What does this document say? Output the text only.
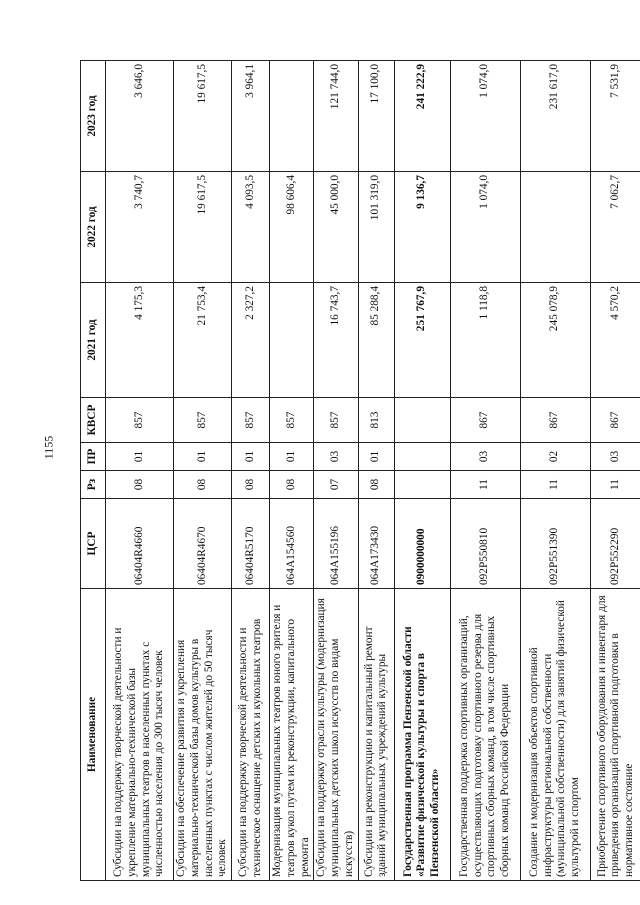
1155
Наименование	ЦСР	Рз	ПР	КВСР	2021 год	2022 год	2023 год
Субсидии на поддержку творческой деятельности и укрепление материально-технической базы муниципальных театров в населенных пунктах с численностью населения до 300 тысяч человек	06404R4660	08	01	857	4 175,3	3 740,7	3 646,0
Субсидии на обеспечение развития и укрепления материально-технической базы домов культуры в населенных пунктах с числом жителей до 50 тысяч человек	06404R4670	08	01	857	21 753,4	19 617,5	19 617,5
Субсидии на поддержку творческой деятельности и техническое оснащение детских и кукольных театров	06404R5170	08	01	857	2 327,2	4 093,5	3 964,1
Модернизация муниципальных театров юного зрителя и театров кукол путем их реконструкции, капитального ремонта	064A154560	08	01	857		98 606,4	
Субсидии на поддержку отрасли культуры (модернизация муниципальных детских школ искусств по видам искусств)	064A155196	07	03	857	16 743,7	45 000,0	121 744,0
Субсидии на реконструкцию и капитальный ремонт зданий муниципальных учреждений культуры	064A173430	08	01	813	85 288,4	101 319,0	17 100,0
Государственная программа Пензенской области «Развитие физической культуры и спорта в Пензенской области»	0900000000				251 767,9	9 136,7	241 222,9
Государственная поддержка спортивных организаций, осуществляющих подготовку спортивного резерва для спортивных сборных команд, в том числе спортивных сборных команд Российской Федерации	092P550810	11	03	867	1 118,8	1 074,0	1 074,0
Создание и модернизация объектов спортивной инфраструктуры региональной собственности (муниципальной собственности) для занятий физической культурой и спортом	092P551390	11	02	867	245 078,9		231 617,0
Приобретение спортивного оборудования и инвентаря для приведения организаций спортивной подготовки в нормативное состояние	092P552290	11	03	867	4 570,2	7 062,7	7 531,9
